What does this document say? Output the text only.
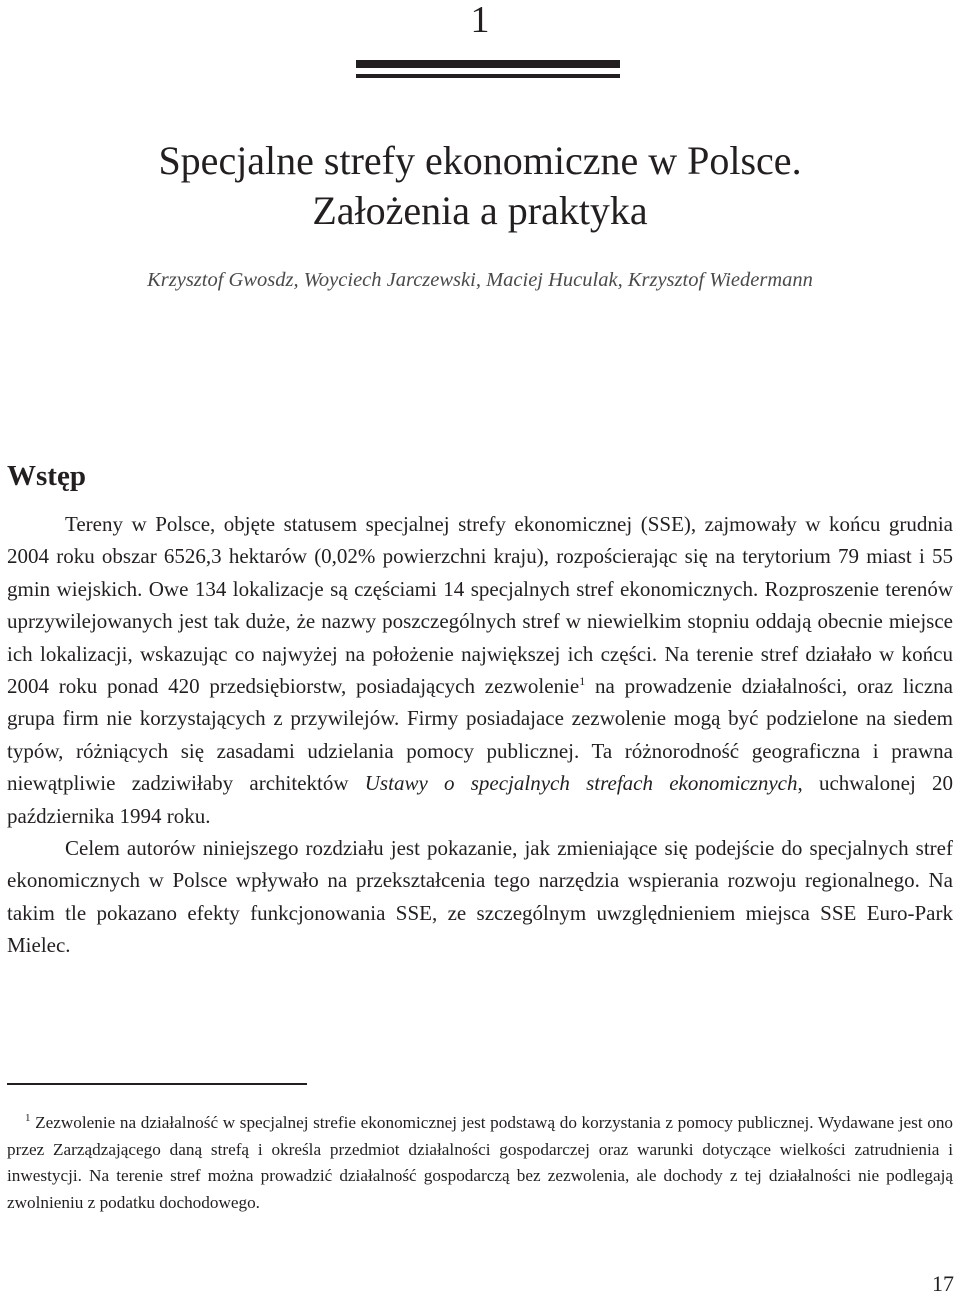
1
Specjalne strefy ekonomiczne w Polsce.
Założenia a praktyka
Krzysztof Gwosdz, Woyciech Jarczewski, Maciej Huculak, Krzysztof Wiedermann
Wstęp

Tereny w Polsce, objęte statusem specjalnej strefy ekonomicznej (SSE), zajmowały w końcu grudnia 2004 roku obszar 6526,3 hektarów (0,02% powierzchni kraju), rozpościerając się na terytorium 79 miast i 55 gmin wiejskich. Owe 134 lokalizacje są częściami 14 specjalnych stref ekonomicznych. Rozproszenie terenów uprzywilejowanych jest tak duże, że nazwy poszczególnych stref w niewielkim stopniu oddają obecnie miejsce ich lokalizacji, wskazując co najwyżej na położenie największej ich części. Na terenie stref działało w końcu 2004 roku ponad 420 przedsiębiorstw, posiadających zezwolenie$^1$ na prowadzenie działalności, oraz liczna grupa firm nie korzystających z przywilejów. Firmy posiadajace zezwolenie mogą być podzielone na siedem typów, różniących się zasadami udzielania pomocy publicznej. Ta różnorodność geograficzna i prawna niewątpliwie zadziwiłaby architektów Ustawy o specjalnych strefach ekonomicznych, uchwalonej 20 października 1994 roku.

Celem autorów niniejszego rozdziału jest pokazanie, jak zmieniające się podejście do specjalnych stref ekonomicznych w Polsce wpływało na przekształcenia tego narzędzia wspierania rozwoju regionalnego. Na takim tle pokazano efekty funkcjonowania SSE, ze szczególnym uwzględnieniem miejsca SSE Euro-Park Mielec.

$^1$ Zezwolenie na działalność w specjalnej strefie ekonomicznej jest podstawą do korzystania z pomocy publicznej. Wydawane jest ono przez Zarządzającego daną strefą i określa przedmiot działalności gospodarczej oraz warunki dotyczące wielkości zatrudnienia i inwestycji. Na terenie stref można prowadzić działalność gospodarczą bez zezwolenia, ale dochody z tej działalności nie podlegają zwolnieniu z podatku dochodowego.
17
